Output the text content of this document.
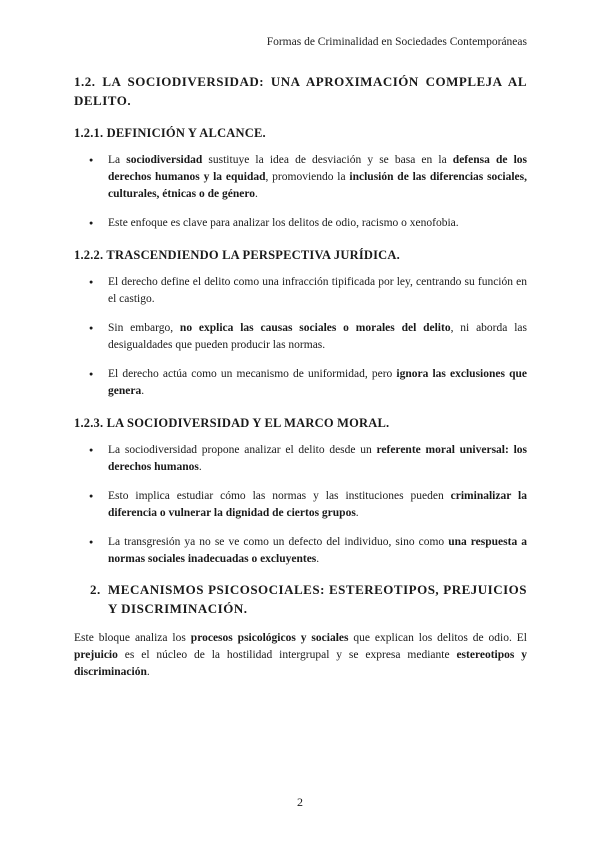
Formas de Criminalidad en Sociedades Contemporáneas
1.2. LA SOCIODIVERSIDAD: UNA APROXIMACIÓN COMPLEJA AL DELITO.
1.2.1. DEFINICIÓN Y ALCANCE.
● La sociodiversidad sustituye la idea de desviación y se basa en la defensa de los derechos humanos y la equidad, promoviendo la inclusión de las diferencias sociales, culturales, étnicas o de género.
● Este enfoque es clave para analizar los delitos de odio, racismo o xenofobia.
1.2.2. TRASCENDIENDO LA PERSPECTIVA JURÍDICA.
● El derecho define el delito como una infracción tipificada por ley, centrando su función en el castigo.
● Sin embargo, no explica las causas sociales o morales del delito, ni aborda las desigualdades que pueden producir las normas.
● El derecho actúa como un mecanismo de uniformidad, pero ignora las exclusiones que genera.
1.2.3. LA SOCIODIVERSIDAD Y EL MARCO MORAL.
● La sociodiversidad propone analizar el delito desde un referente moral universal: los derechos humanos.
● Esto implica estudiar cómo las normas y las instituciones pueden criminalizar la diferencia o vulnerar la dignidad de ciertos grupos.
● La transgresión ya no se ve como un defecto del individuo, sino como una respuesta a normas sociales inadecuadas o excluyentes.
2. MECANISMOS PSICOSOCIALES: ESTEREOTIPOS, PREJUICIOS Y DISCRIMINACIÓN.

Este bloque analiza los procesos psicológicos y sociales que explican los delitos de odio. El prejuicio es el núcleo de la hostilidad intergrupal y se expresa mediante estereotipos y discriminación.

2
